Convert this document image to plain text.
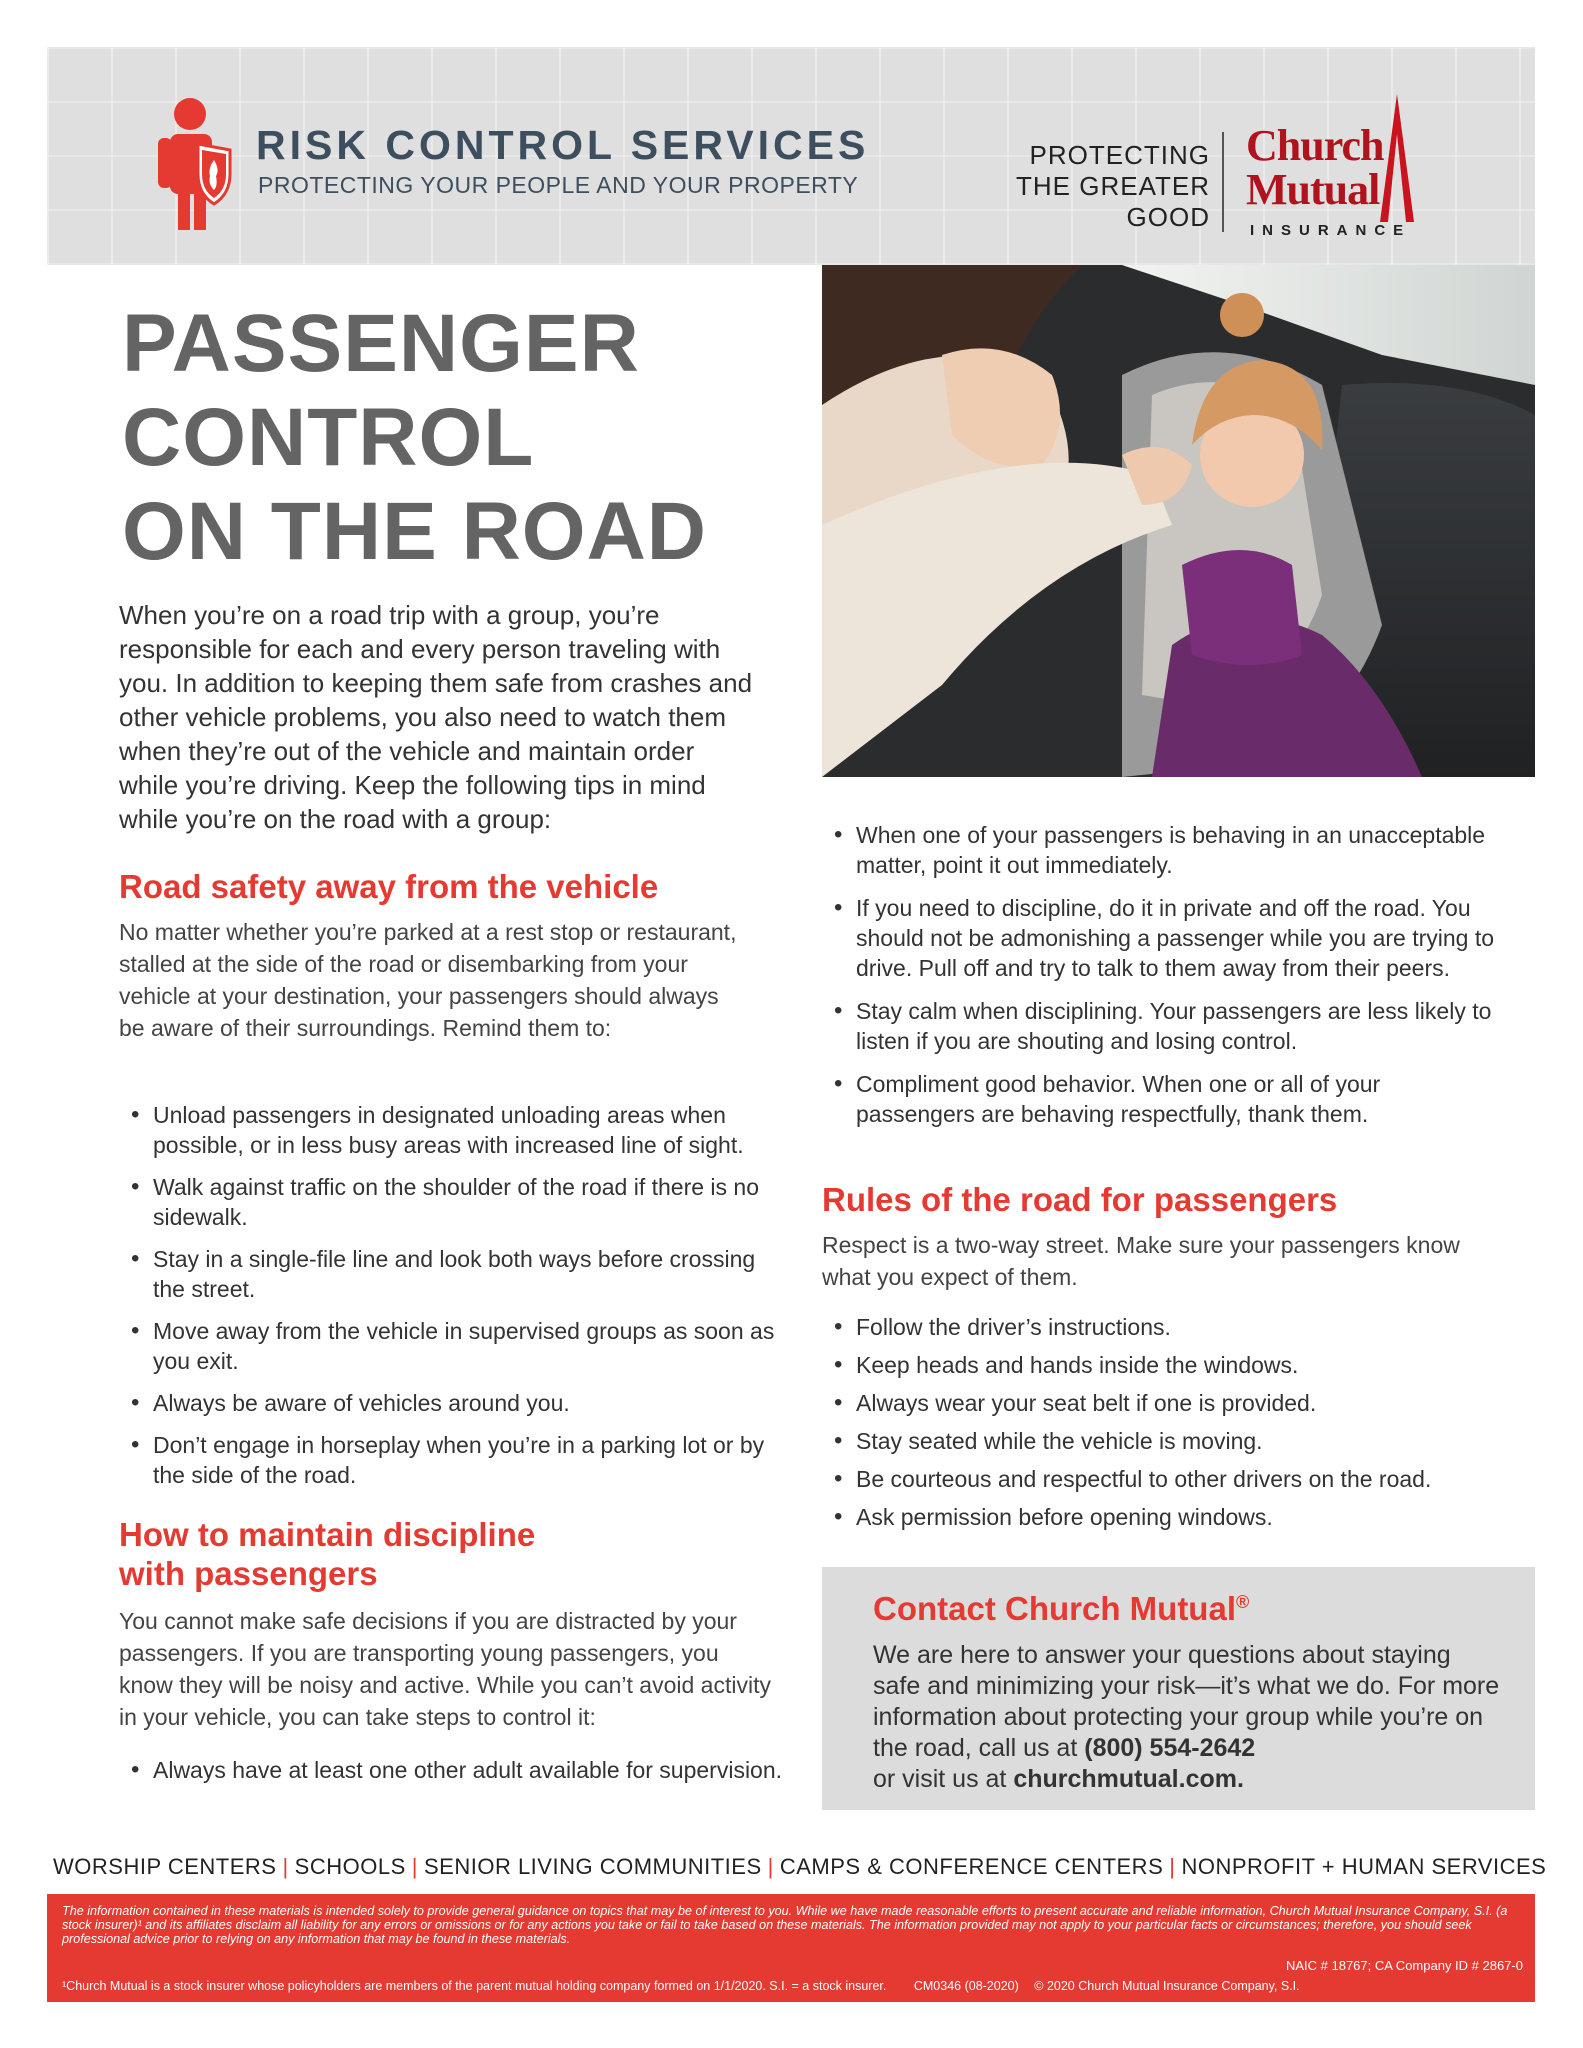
RISK CONTROL SERVICES
PROTECTING YOUR PEOPLE AND YOUR PROPERTY
PROTECTING
THE GREATER
GOOD
Church
Mutual
INSURANCE
PASSENGER
CONTROL
ON THE ROAD
When you’re on a road trip with a group, you’re responsible for each and every person traveling with you. In addition to keeping them safe from crashes and other vehicle problems, you also need to watch them when they’re out of the vehicle and maintain order while you’re driving. Keep the following tips in mind while you’re on the road with a group:
Road safety away from the vehicle
No matter whether you’re parked at a rest stop or restaurant, stalled at the side of the road or disembarking from your vehicle at your destination, your passengers should always be aware of their surroundings. Remind them to:
• Unload passengers in designated unloading areas when possible, or in less busy areas with increased line of sight.
• Walk against traffic on the shoulder of the road if there is no sidewalk.
• Stay in a single-file line and look both ways before crossing the street.
• Move away from the vehicle in supervised groups as soon as you exit.
• Always be aware of vehicles around you.
• Don’t engage in horseplay when you’re in a parking lot or by the side of the road.
How to maintain discipline
with passengers
You cannot make safe decisions if you are distracted by your passengers. If you are transporting young passengers, you know they will be noisy and active. While you can’t avoid activity in your vehicle, you can take steps to control it:
• Always have at least one other adult available for supervision.
• When one of your passengers is behaving in an unacceptable matter, point it out immediately.
• If you need to discipline, do it in private and off the road. You should not be admonishing a passenger while you are trying to drive. Pull off and try to talk to them away from their peers.
• Stay calm when disciplining. Your passengers are less likely to listen if you are shouting and losing control.
• Compliment good behavior. When one or all of your passengers are behaving respectfully, thank them.
Rules of the road for passengers
Respect is a two-way street. Make sure your passengers know what you expect of them.
• Follow the driver’s instructions.
• Keep heads and hands inside the windows.
• Always wear your seat belt if one is provided.
• Stay seated while the vehicle is moving.
• Be courteous and respectful to other drivers on the road.
• Ask permission before opening windows.
Contact Church Mutual®
We are here to answer your questions about staying safe and minimizing your risk—it’s what we do. For more information about protecting your group while you’re on the road, call us at (800) 554-2642
or visit us at churchmutual.com.
WORSHIP CENTERS | SCHOOLS | SENIOR LIVING COMMUNITIES | CAMPS & CONFERENCE CENTERS | NONPROFIT + HUMAN SERVICES
The information contained in these materials is intended solely to provide general guidance on topics that may be of interest to you. While we have made reasonable efforts to present accurate and reliable information, Church Mutual Insurance Company, S.I. (a stock insurer)¹ and its affiliates disclaim all liability for any errors or omissions or for any actions you take or fail to take based on these materials. The information provided may not apply to your particular facts or circumstances; therefore, you should seek professional advice prior to relying on any information that may be found in these materials.
NAIC # 18767; CA Company ID # 2867-0
¹Church Mutual is a stock insurer whose policyholders are members of the parent mutual holding company formed on 1/1/2020. S.I. = a stock insurer. CM0346 (08-2020) © 2020 Church Mutual Insurance Company, S.I.
